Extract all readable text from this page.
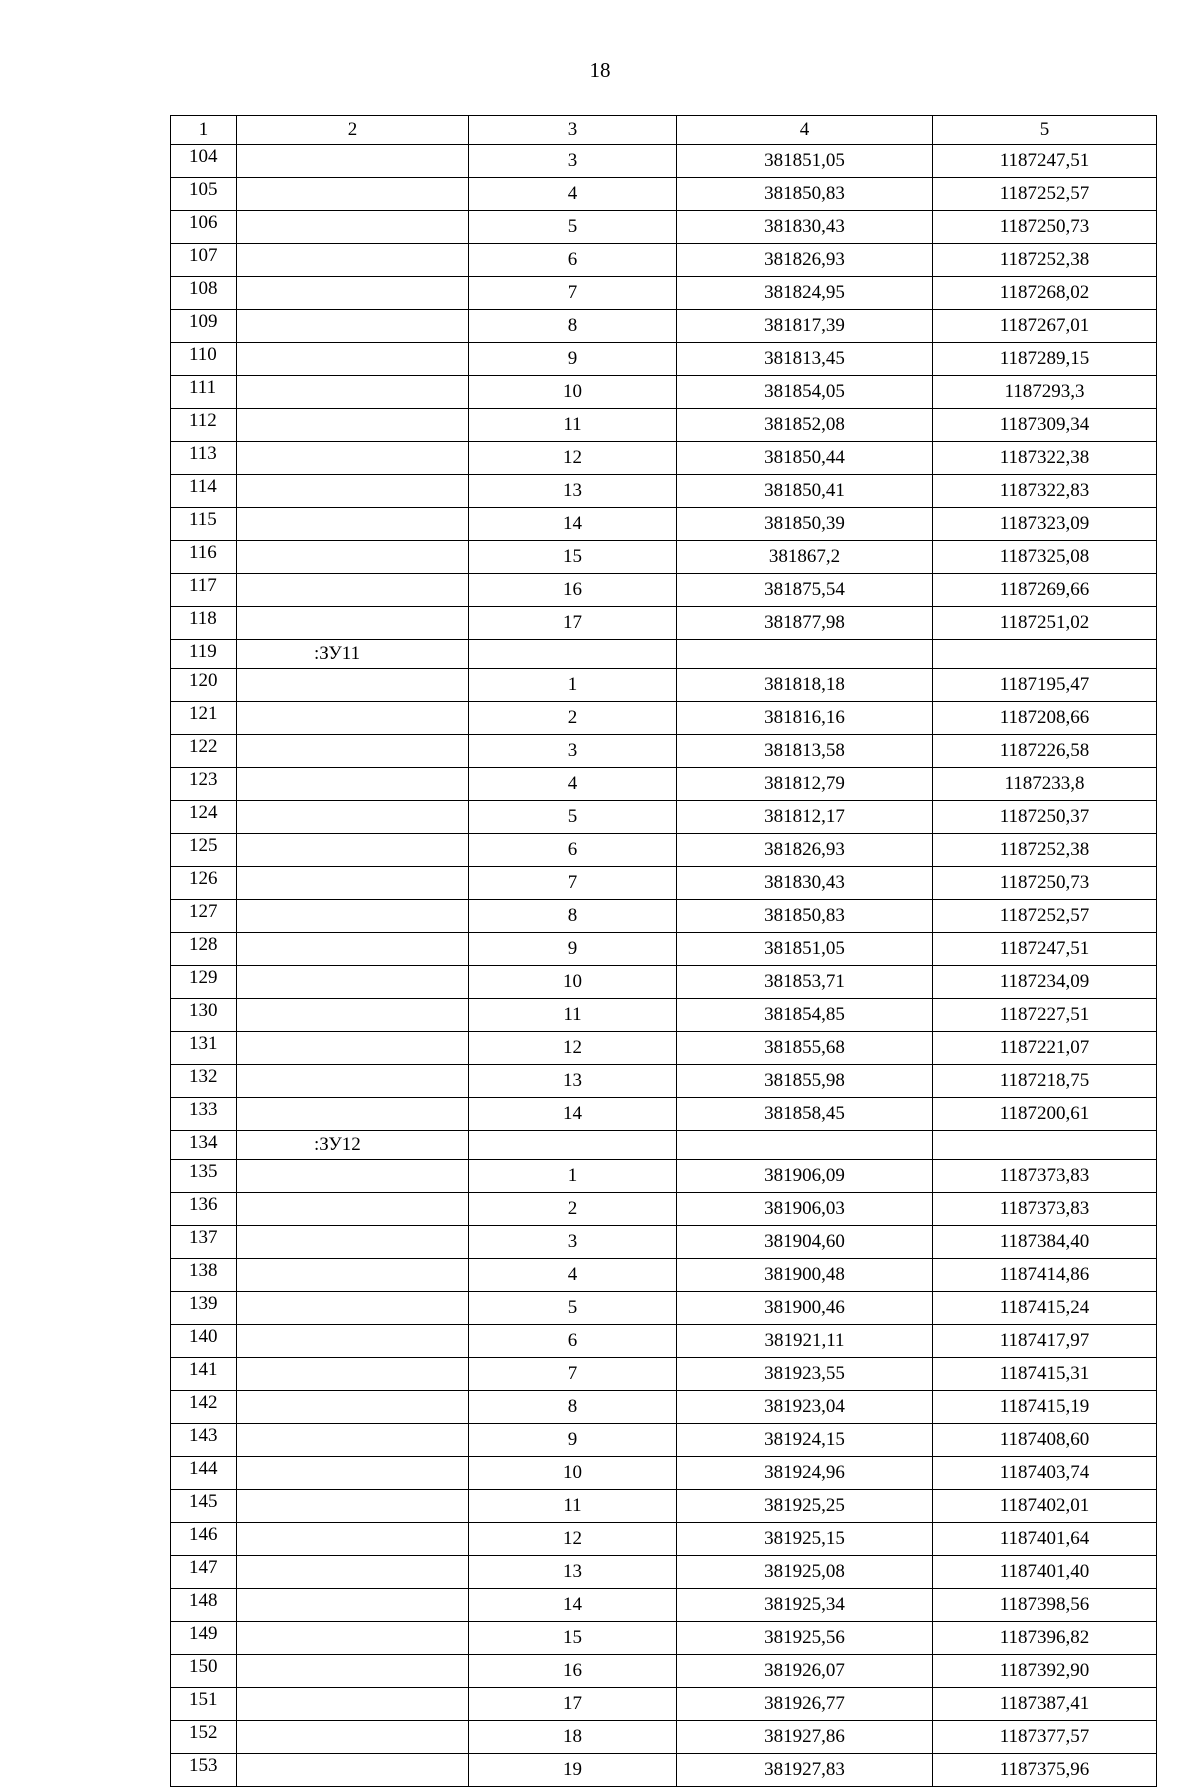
18
1	2	3	4	5
104		3	381851,05	1187247,51
105		4	381850,83	1187252,57
106		5	381830,43	1187250,73
107		6	381826,93	1187252,38
108		7	381824,95	1187268,02
109		8	381817,39	1187267,01
110		9	381813,45	1187289,15
111		10	381854,05	1187293,3
112		11	381852,08	1187309,34
113		12	381850,44	1187322,38
114		13	381850,41	1187322,83
115		14	381850,39	1187323,09
116		15	381867,2	1187325,08
117		16	381875,54	1187269,66
118		17	381877,98	1187251,02
119	:ЗУ11			
120		1	381818,18	1187195,47
121		2	381816,16	1187208,66
122		3	381813,58	1187226,58
123		4	381812,79	1187233,8
124		5	381812,17	1187250,37
125		6	381826,93	1187252,38
126		7	381830,43	1187250,73
127		8	381850,83	1187252,57
128		9	381851,05	1187247,51
129		10	381853,71	1187234,09
130		11	381854,85	1187227,51
131		12	381855,68	1187221,07
132		13	381855,98	1187218,75
133		14	381858,45	1187200,61
134	:ЗУ12			
135		1	381906,09	1187373,83
136		2	381906,03	1187373,83
137		3	381904,60	1187384,40
138		4	381900,48	1187414,86
139		5	381900,46	1187415,24
140		6	381921,11	1187417,97
141		7	381923,55	1187415,31
142		8	381923,04	1187415,19
143		9	381924,15	1187408,60
144		10	381924,96	1187403,74
145		11	381925,25	1187402,01
146		12	381925,15	1187401,64
147		13	381925,08	1187401,40
148		14	381925,34	1187398,56
149		15	381925,56	1187396,82
150		16	381926,07	1187392,90
151		17	381926,77	1187387,41
152		18	381927,86	1187377,57
153		19	381927,83	1187375,96
